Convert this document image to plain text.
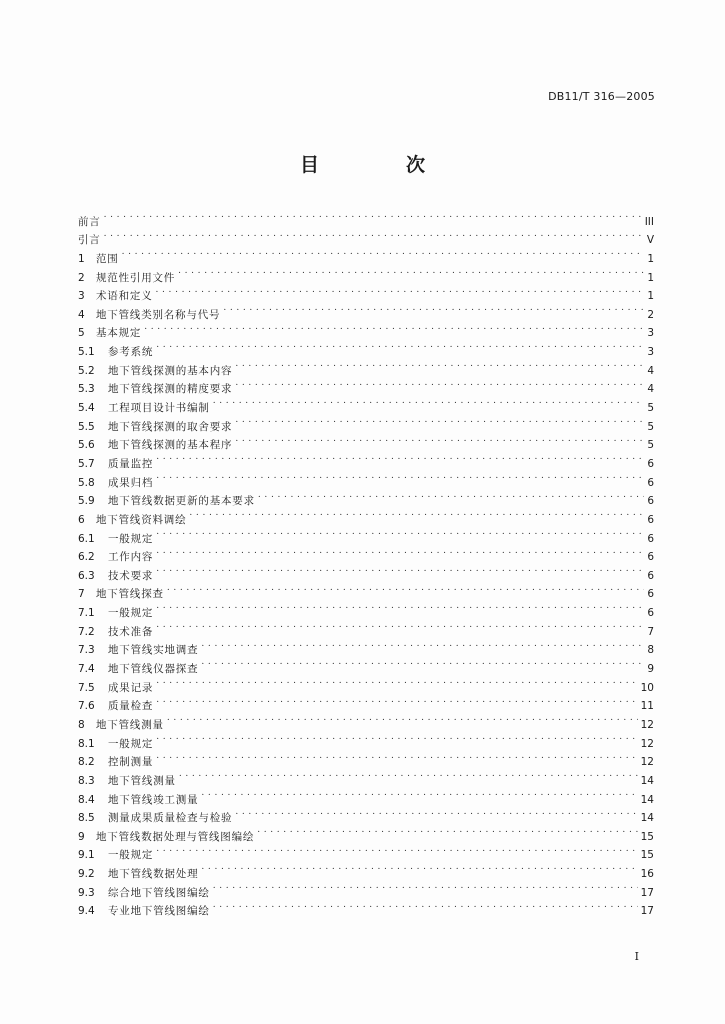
DB11/T 316—2005
目　次
前言 . . .	III
引言 . . .	V
1	范围 . . .	1
2	规范性引用文件 . . .	1
3	术语和定义 . . .	1
4	地下管线类别名称与代号 . . .	2
5	基本规定 . . .	3
5.1	参考系统 . . .	3
5.2	地下管线探测的基本内容 . . .	4
5.3	地下管线探测的精度要求 . . .	4
5.4	工程项目设计书编制 . . .	5
5.5	地下管线探测的取舍要求 . . .	5
5.6	地下管线探测的基本程序 . . .	5
5.7	质量监控 . . .	6
5.8	成果归档 . . .	6
5.9	地下管线数据更新的基本要求 . . .	6
6	地下管线资料调绘 . . .	6
6.1	一般规定 . . .	6
6.2	工作内容 . . .	6
6.3	技术要求 . . .	6
7	地下管线探查 . . .	6
7.1	一般规定 . . .	6
7.2	技术准备 . . .	7
7.3	地下管线实地调查 . . .	8
7.4	地下管线仪器探查 . . .	9
7.5	成果记录 . . .	10
7.6	质量检查 . . .	11
8	地下管线测量 . . .	12
8.1	一般规定 . . .	12
8.2	控制测量 . . .	12
8.3	地下管线测量 . . .	14
8.4	地下管线竣工测量 . . .	14
8.5	测量成果质量检查与检验 . . .	14
9	地下管线数据处理与管线图编绘 . . .	15
9.1	一般规定 . . .	15
9.2	地下管线数据处理 . . .	16
9.3	综合地下管线图编绘 . . .	17
9.4	专业地下管线图编绘 . . .	17
I
